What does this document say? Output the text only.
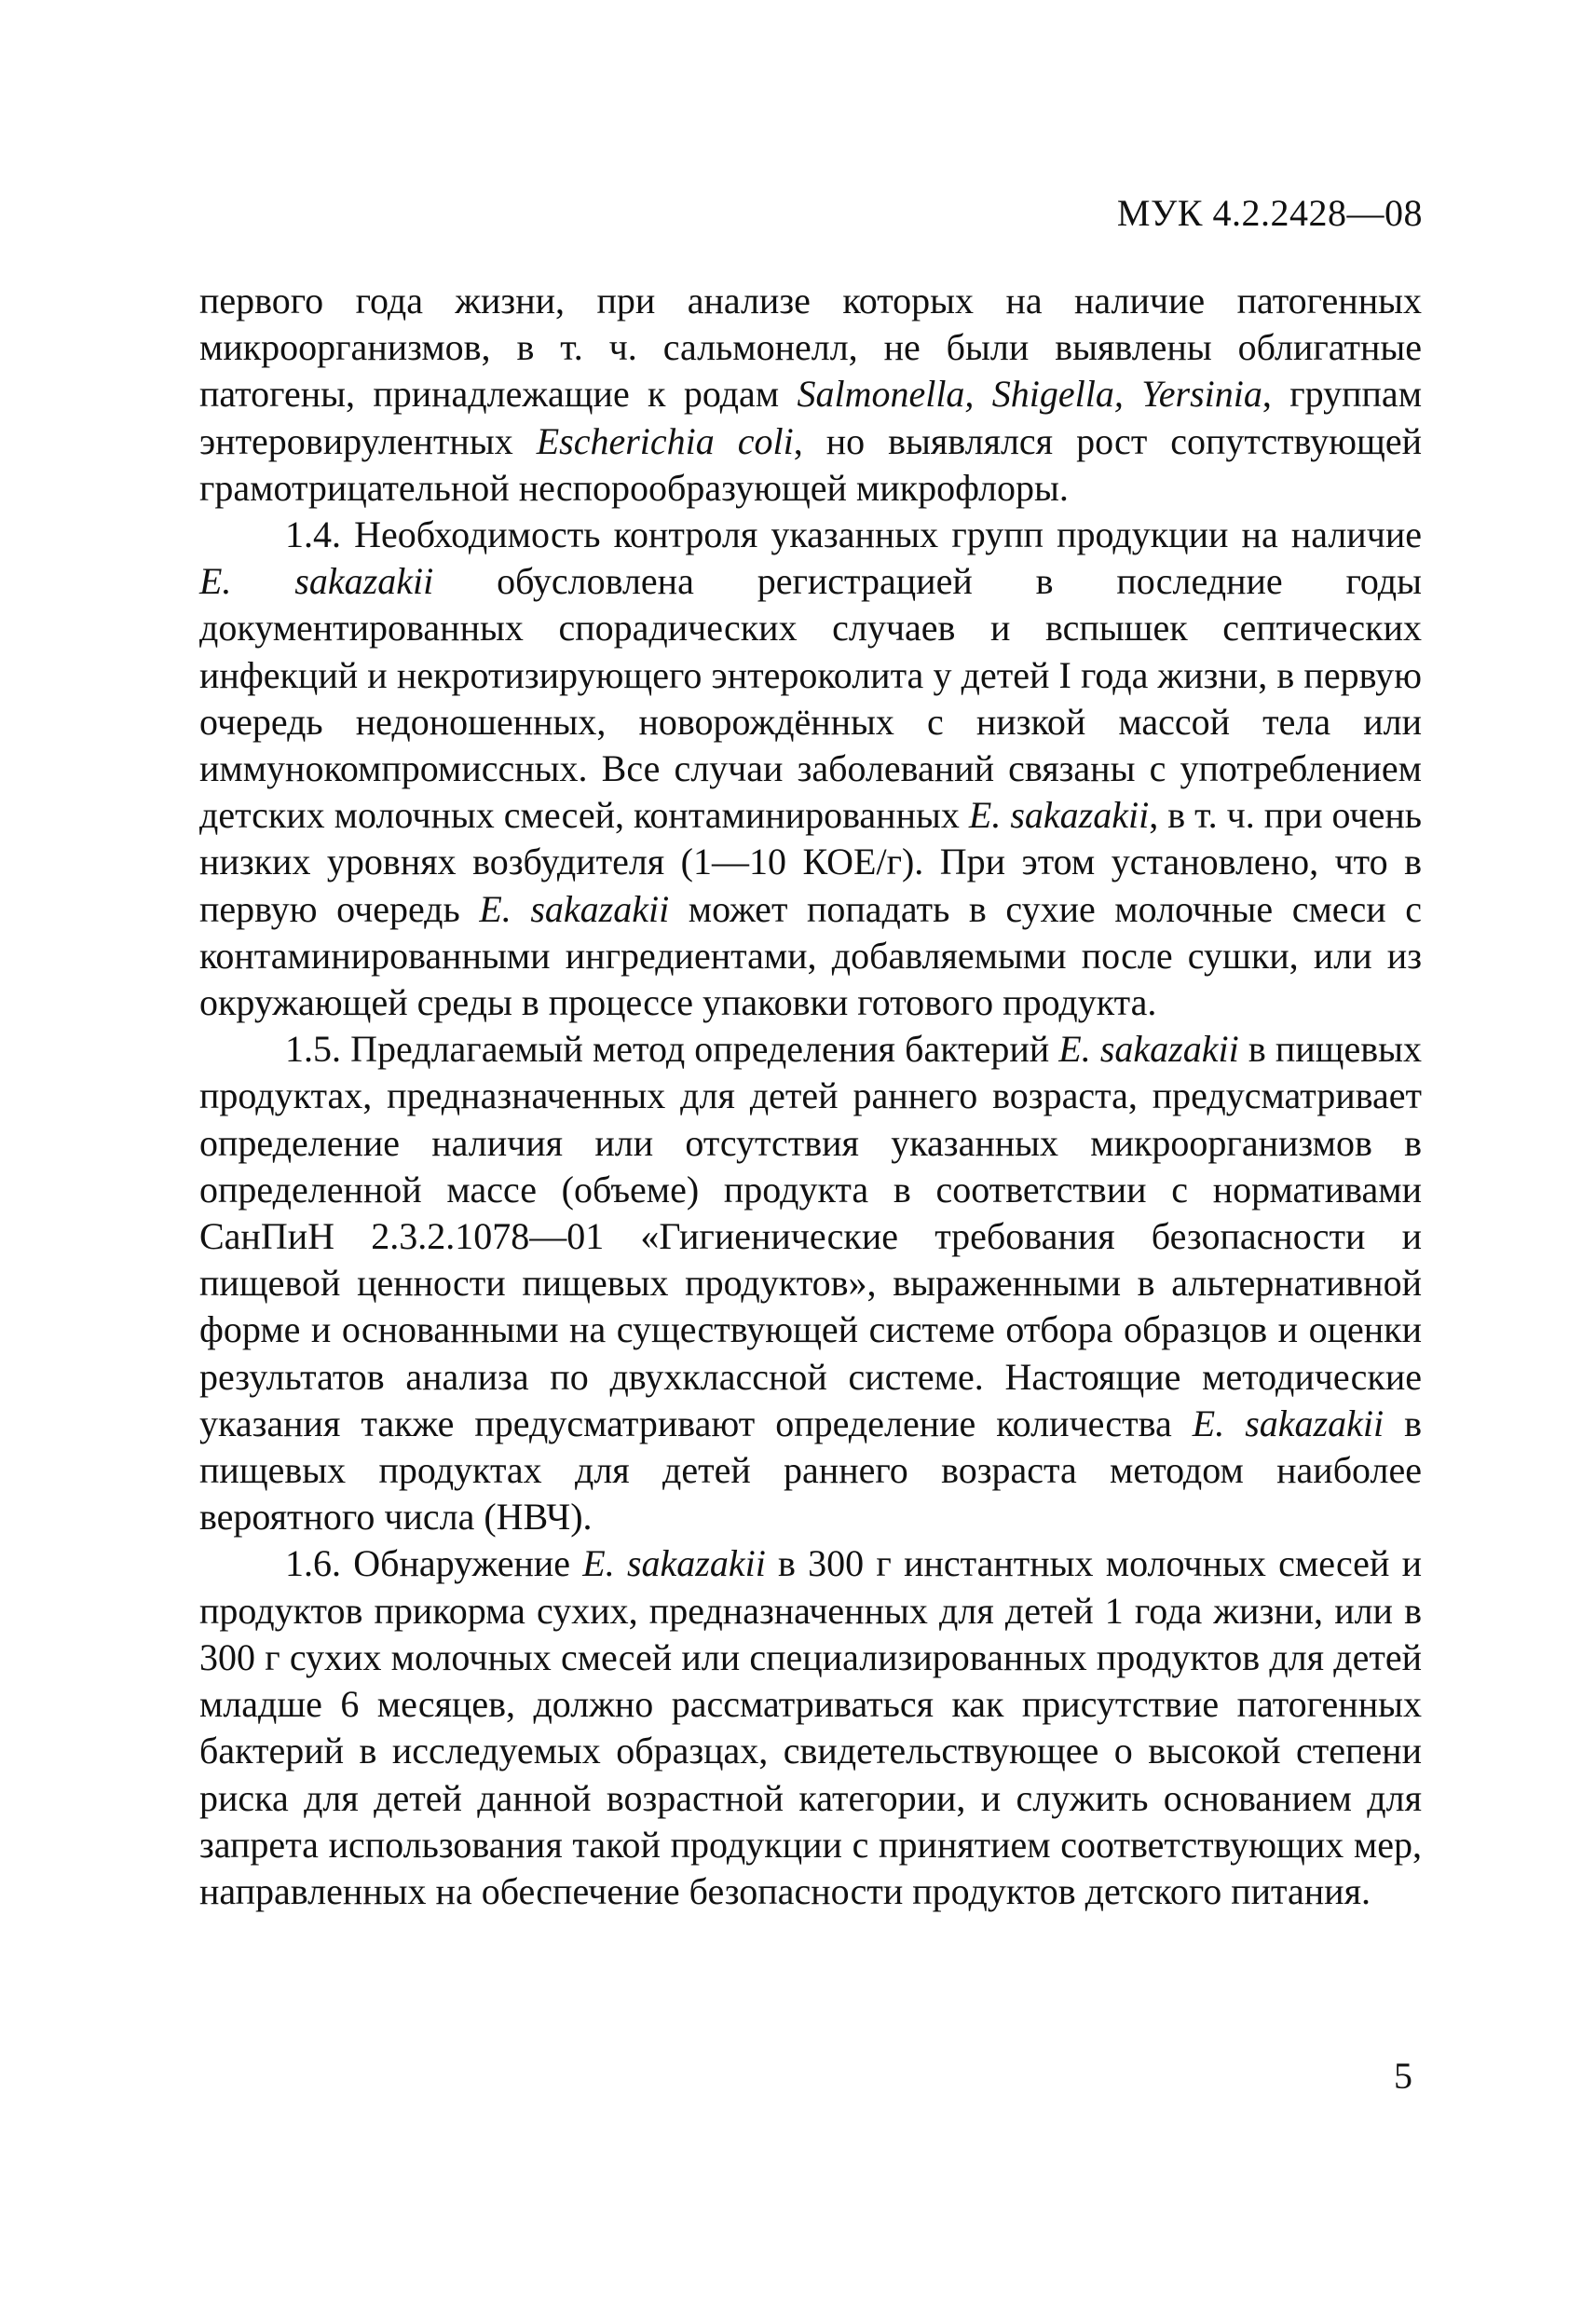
МУК 4.2.2428—08

первого года жизни, при анализе которых на наличие патогенных микроорганизмов, в т. ч. сальмонелл, не были выявлены облигатные патогены, принадлежащие к родам Salmonella, Shigella, Yersinia, группам энтеровирулентных Escherichia coli, но выявлялся рост сопутствующей грамотрицательной неспорообразующей микрофлоры.

1.4. Необходимость контроля указанных групп продукции на наличие E. sakazakii обусловлена регистрацией в последние годы документированных спорадических случаев и вспышек септических инфекций и некротизирующего энтероколита у детей I года жизни, в первую очередь недоношенных, новорождённых с низкой массой тела или иммунокомпромиссных. Все случаи заболеваний связаны с употреблением детских молочных смесей, контаминированных E. sakazakii, в т. ч. при очень низких уровнях возбудителя (1—10 КОЕ/г). При этом установлено, что в первую очередь E. sakazakii может попадать в сухие молочные смеси с контаминированными ингредиентами, добавляемыми после сушки, или из окружающей среды в процессе упаковки готового продукта.

1.5. Предлагаемый метод определения бактерий E. sakazakii в пищевых продуктах, предназначенных для детей раннего возраста, предусматривает определение наличия или отсутствия указанных микроорганизмов в определенной массе (объеме) продукта в соответствии с нормативами СанПиН 2.3.2.1078—01 «Гигиенические требования безопасности и пищевой ценности пищевых продуктов», выраженными в альтернативной форме и основанными на существующей системе отбора образцов и оценки результатов анализа по двухклассной системе. Настоящие методические указания также предусматривают определение количества E. sakazakii в пищевых продуктах для детей раннего возраста методом наиболее вероятного числа (НВЧ).

1.6. Обнаружение E. sakazakii в 300 г инстантных молочных смесей и продуктов прикорма сухих, предназначенных для детей 1 года жизни, или в 300 г сухих молочных смесей или специализированных продуктов для детей младше 6 месяцев, должно рассматриваться как присутствие патогенных бактерий в исследуемых образцах, свидетельствующее о высокой степени риска для детей данной возрастной категории, и служить основанием для запрета использования такой продукции с принятием соответствующих мер, направленных на обеспечение безопасности продуктов детского питания.

5
